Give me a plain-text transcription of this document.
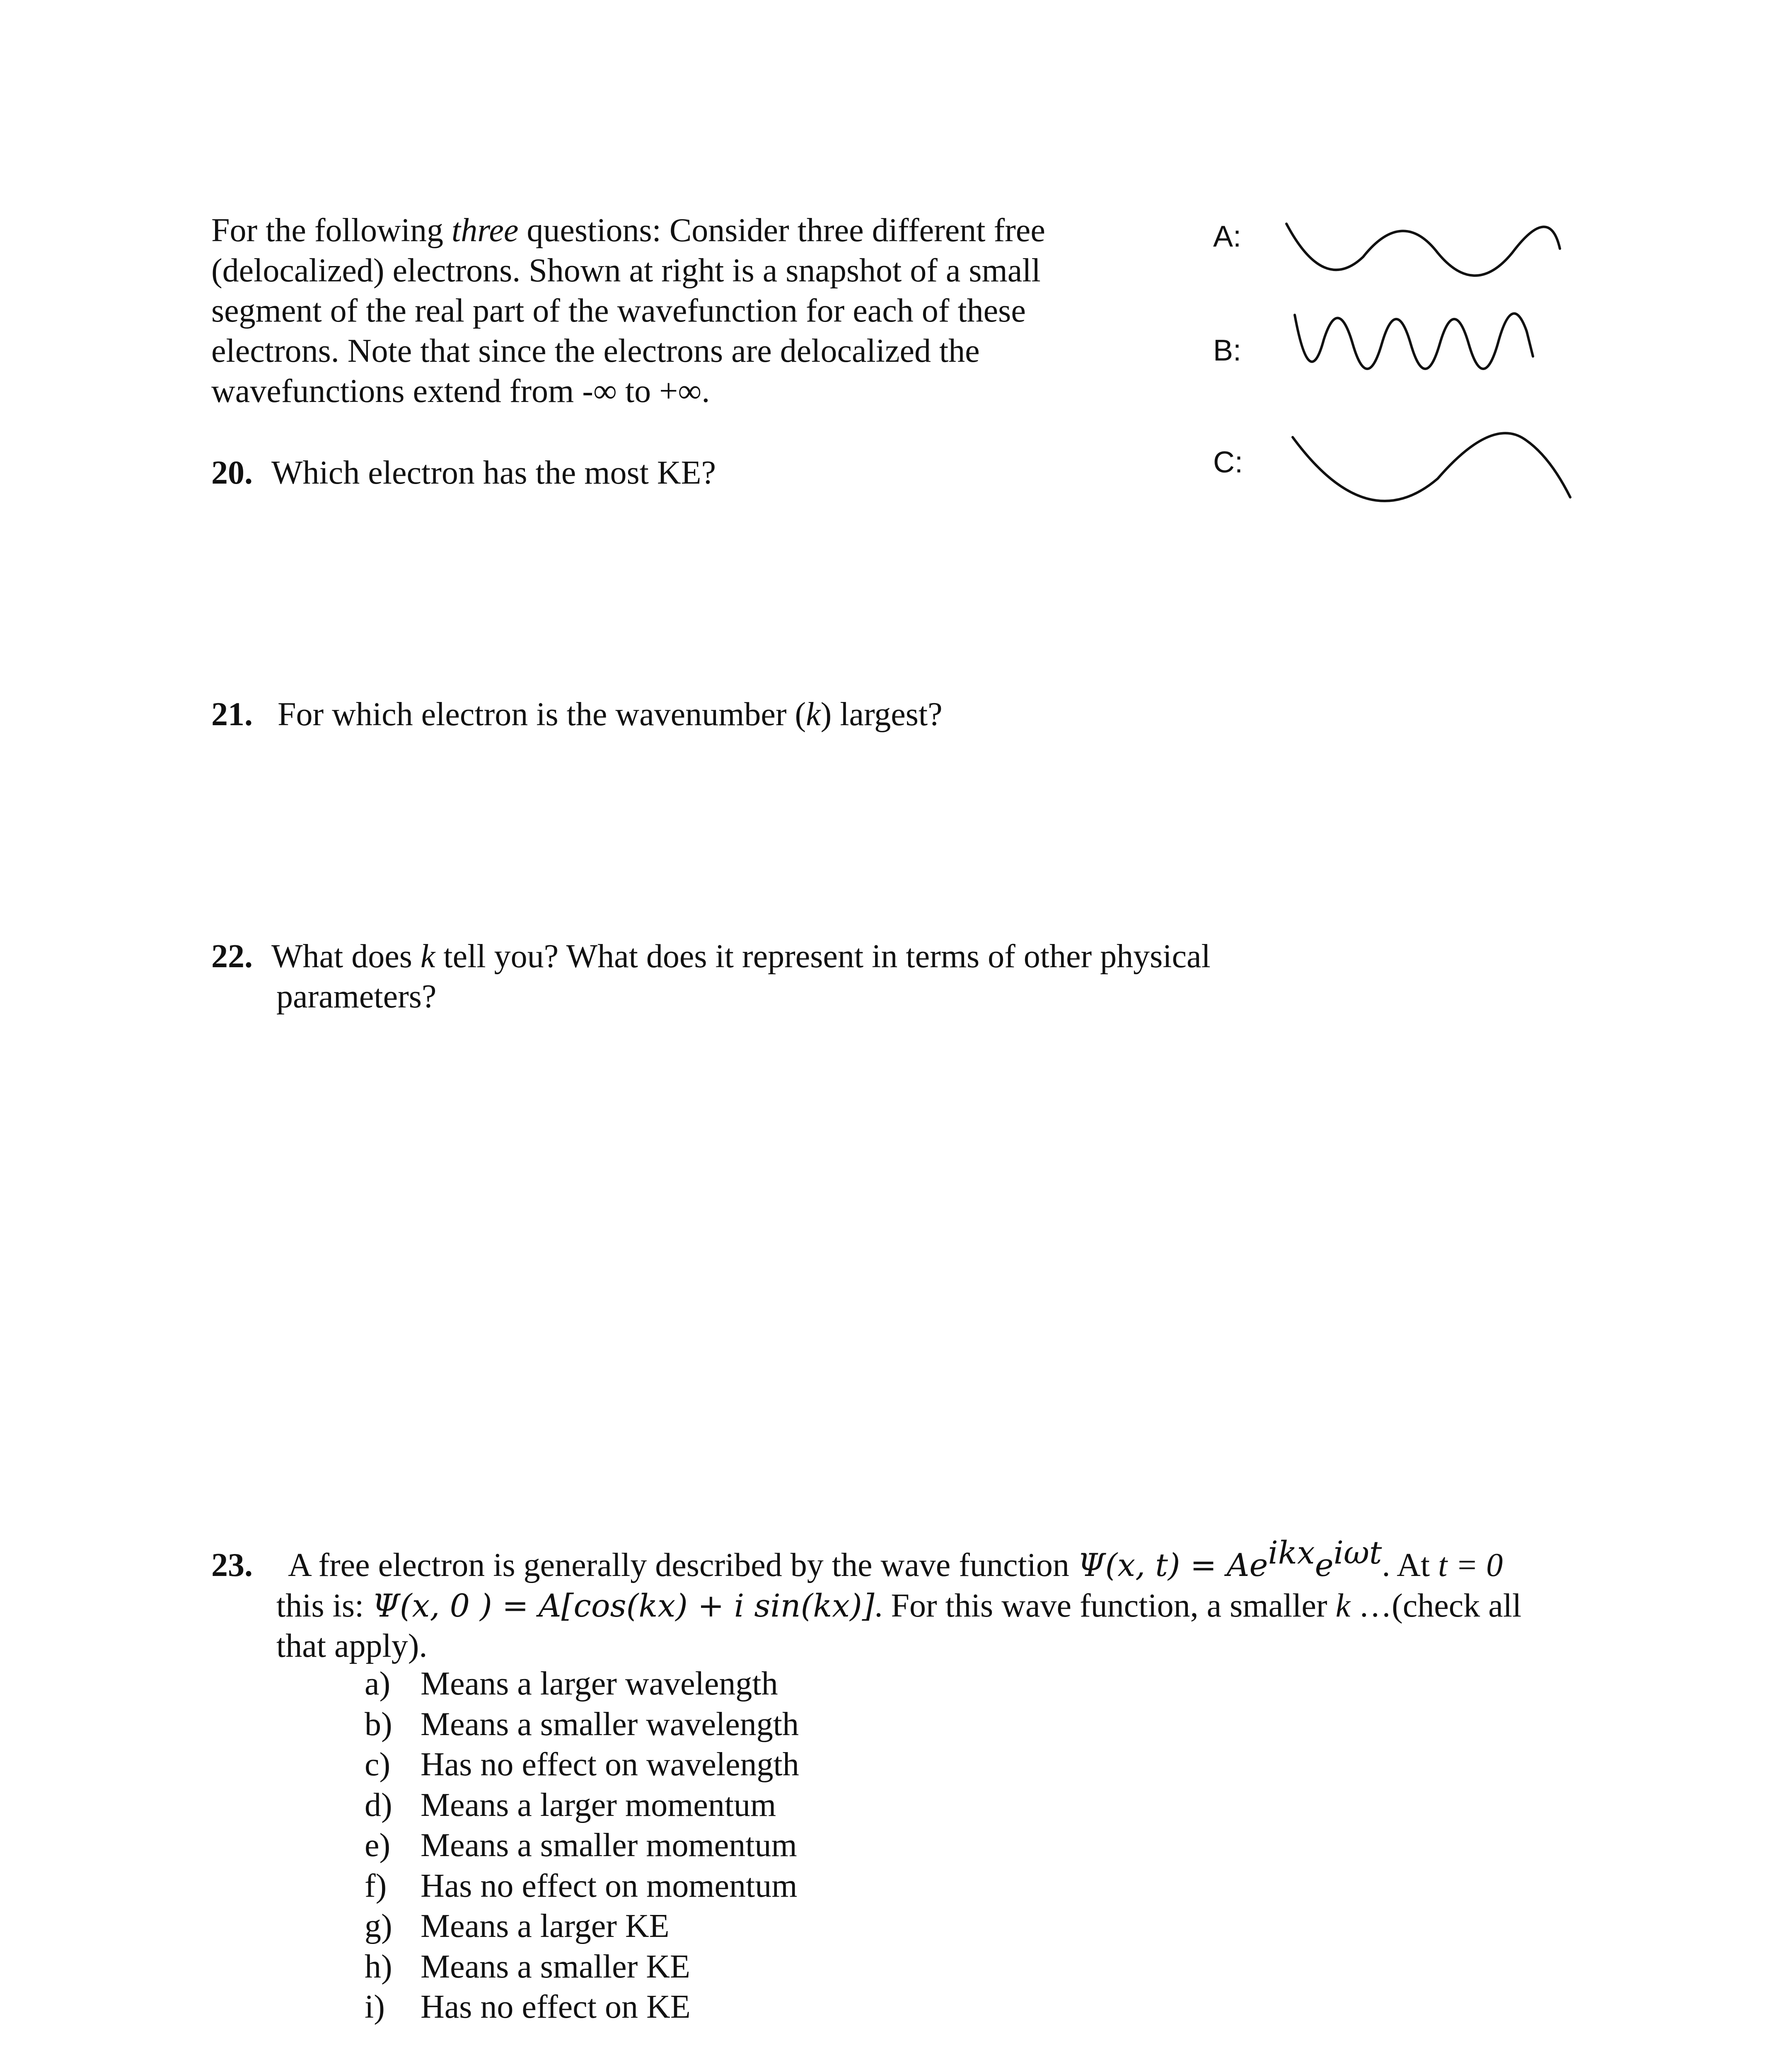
For the following three questions: Consider three different free
(delocalized) electrons. Shown at right is a snapshot of a small
segment of the real part of the wavefunction for each of these
electrons. Note that since the electrons are delocalized the
wavefunctions extend from -∞ to +∞.
A:
B:
C:
20. Which electron has the most KE?
21. For which electron is the wavenumber (k) largest?
22. What does k tell you? What does it represent in terms of other physical
parameters?
23. A free electron is generally described by the wave function Ψ(x, $t) = Ae^{ikx}e^{i\omega t}$. At t = 0
this is: Ψ(x, 0 ) = A[cos(kx) + i sin(kx)]. For this wave function, a smaller k …(check all
that apply).
a) Means a larger wavelength
b) Means a smaller wavelength
c) Has no effect on wavelength
d) Means a larger momentum
e) Means a smaller momentum
f) Has no effect on momentum
g) Means a larger KE
h) Means a smaller KE
i) Has no effect on KE
